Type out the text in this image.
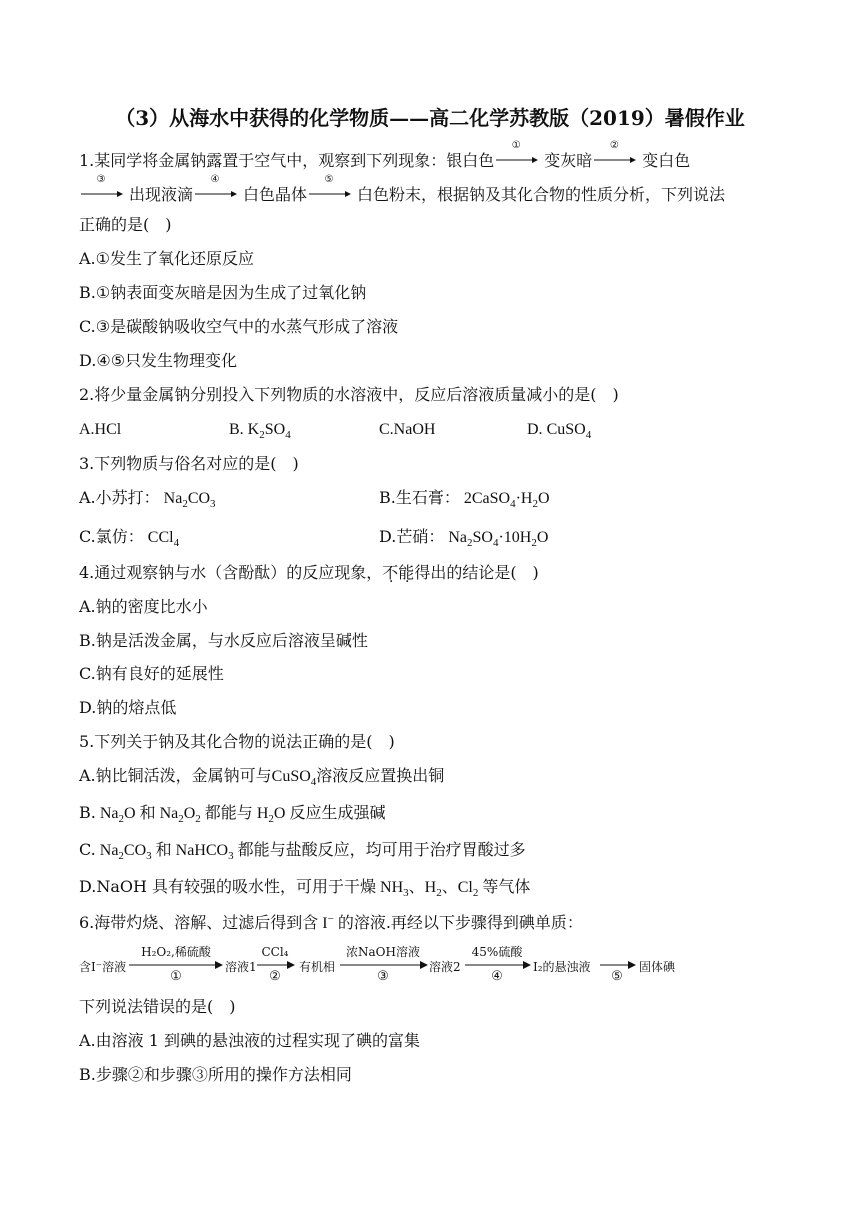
（3）从海水中获得的化学物质——高二化学苏教版（2019）暑假作业
1.某同学将金属钠露置于空气中，观察到下列现象：银白色
①
变灰暗
②
变白色
③
出现液滴
④
白色晶体
⑤
白色粉末，根据钠及其化合物的性质分析，下列说法
正确的是(　)
A.①发生了氧化还原反应
B.①钠表面变灰暗是因为生成了过氧化钠
C.③是碳酸钠吸收空气中的水蒸气形成了溶液
D.④⑤只发生物理变化
2.将少量金属钠分别投入下列物质的水溶液中，反应后溶液质量减小的是(　)
A.HCl	B. $K_2SO_4$	C.NaOH	D. CuSO$_4$
3.下列物质与俗名对应的是(　)
A.小苏打： $Na_2CO_3$	B.生石膏： $2CaSO_4\cdot H_2O$
C.氯仿： CCl$_4$	D.芒硝： $Na_2SO_4\cdot 10H_2O$
4.通过观察钠与水（含酚酞）的反应现象，不能得出的结论是(　)
A.钠的密度比水小
B.钠是活泼金属，与水反应后溶液呈碱性
C.钠有良好的延展性
D.钠的熔点低
5.下列关于钠及其化合物的说法正确的是(　)
A.钠比铜活泼，金属钠可与CuSO$_4$溶液反应置换出铜
B. $Na_2O$ 和 $Na_2O_2$ 都能与 $H_2O$ 反应生成强碱
C. $Na_2CO_3$ 和 NaHCO$_3$ 都能与盐酸反应，均可用于治疗胃酸过多
D.NaOH 具有较强的吸水性，可用于干燥 $NH_3$、$H_2$、$Cl_2$ 等气体
6.海带灼烧、溶解、过滤后得到含 I− 的溶液.再经以下步骤得到碘单质：
含I⁻溶液
H₂O₂,稀硫酸
①
溶液1
CCl₄
②
有机相
浓NaOH溶液
③
溶液2
45%硫酸
④
I₂的悬浊液
⑤
固体碘
下列说法错误的是(　)
A.由溶液 1 到碘的悬浊液的过程实现了碘的富集
B.步骤②和步骤③所用的操作方法相同
